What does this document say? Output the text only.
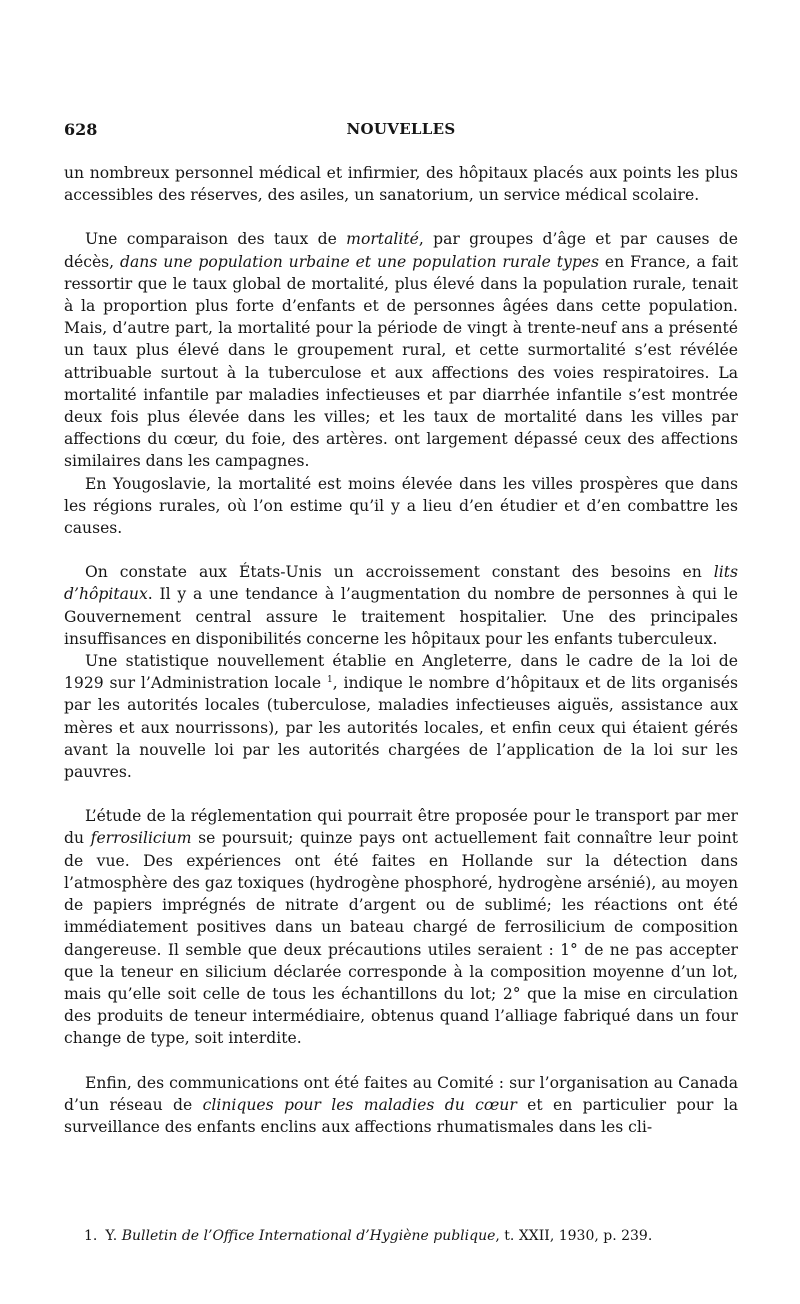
628	NOUVELLES

un nombreux personnel médical et infirmier, des hôpitaux placés aux points les plus accessibles des réserves, des asiles, un sanatorium, un service médical scolaire.

Une comparaison des taux de mortalité, par groupes d’âge et par causes de décès, dans une population urbaine et une population rurale types en France, a fait ressortir que le taux global de mortalité, plus élevé dans la population rurale, tenait à la proportion plus forte d’enfants et de personnes âgées dans cette population. Mais, d’autre part, la mortalité pour la période de vingt à trente-neuf ans a présenté un taux plus élevé dans le groupement rural, et cette surmortalité s’est révélée attribuable surtout à la tuberculose et aux affections des voies respiratoires. La mortalité infantile par maladies infectieuses et par diarrhée infantile s’est montrée deux fois plus élevée dans les villes; et les taux de mortalité dans les villes par affections du cœur, du foie, des artères. ont largement dépassé ceux des affections similaires dans les campagnes.

En Yougoslavie, la mortalité est moins élevée dans les villes prospères que dans les régions rurales, où l’on estime qu’il y a lieu d’en étudier et d’en combattre les causes.

On constate aux États-Unis un accroissement constant des besoins en lits d’hôpitaux. Il y a une tendance à l’augmentation du nombre de personnes à qui le Gouvernement central assure le traitement hospitalier. Une des principales insuffisances en disponibilités concerne les hôpitaux pour les enfants tuberculeux.

Une statistique nouvellement établie en Angleterre, dans le cadre de la loi de 1929 sur l’Administration locale $^1$, indique le nombre d’hôpitaux et de lits organisés par les autorités locales (tuberculose, maladies infectieuses aiguës, assistance aux mères et aux nourrissons), par les autorités locales, et enfin ceux qui étaient gérés avant la nouvelle loi par les autorités chargées de l’application de la loi sur les pauvres.

L’étude de la réglementation qui pourrait être proposée pour le transport par mer du ferrosilicium se poursuit; quinze pays ont actuellement fait connaître leur point de vue. Des expériences ont été faites en Hollande sur la détection dans l’atmosphère des gaz toxiques (hydrogène phosphoré, hydrogène arsénié), au moyen de papiers imprégnés de nitrate d’argent ou de sublimé; les réactions ont été immédiatement positives dans un bateau chargé de ferrosilicium de composition dangereuse. Il semble que deux précautions utiles seraient : 1° de ne pas accepter que la teneur en silicium déclarée corresponde à la composition moyenne d’un lot, mais qu’elle soit celle de tous les échantillons du lot; 2° que la mise en circulation des produits de teneur intermédiaire, obtenus quand l’alliage fabriqué dans un four change de type, soit interdite.

Enfin, des communications ont été faites au Comité : sur l’organisation au Canada d’un réseau de cliniques pour les maladies du cœur et en particulier pour la surveillance des enfants enclins aux affections rhumatismales dans les cli-

1. Y. Bulletin de l’Office International d’Hygiène publique, t. XXII, 1930, p. 239.
